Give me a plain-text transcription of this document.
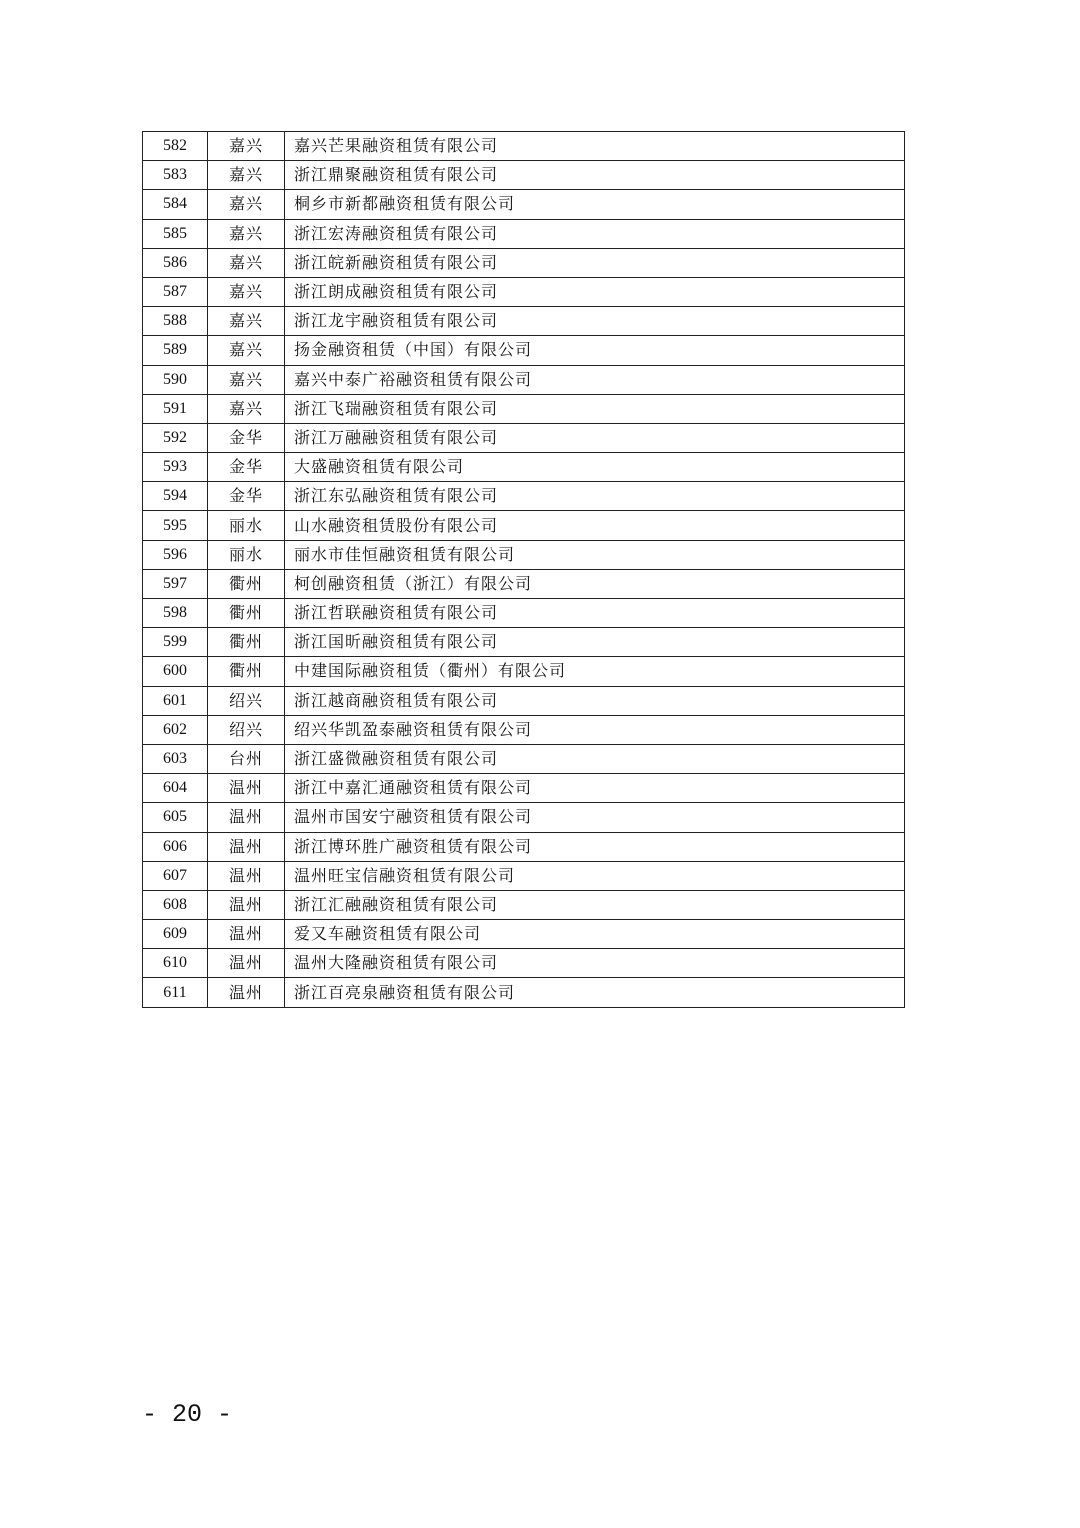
582	嘉兴	嘉兴芒果融资租赁有限公司
583	嘉兴	浙江鼎聚融资租赁有限公司
584	嘉兴	桐乡市新都融资租赁有限公司
585	嘉兴	浙江宏涛融资租赁有限公司
586	嘉兴	浙江皖新融资租赁有限公司
587	嘉兴	浙江朗成融资租赁有限公司
588	嘉兴	浙江龙宇融资租赁有限公司
589	嘉兴	扬金融资租赁（中国）有限公司
590	嘉兴	嘉兴中泰广裕融资租赁有限公司
591	嘉兴	浙江飞瑞融资租赁有限公司
592	金华	浙江万融融资租赁有限公司
593	金华	大盛融资租赁有限公司
594	金华	浙江东弘融资租赁有限公司
595	丽水	山水融资租赁股份有限公司
596	丽水	丽水市佳恒融资租赁有限公司
597	衢州	柯创融资租赁（浙江）有限公司
598	衢州	浙江哲联融资租赁有限公司
599	衢州	浙江国昕融资租赁有限公司
600	衢州	中建国际融资租赁（衢州）有限公司
601	绍兴	浙江越商融资租赁有限公司
602	绍兴	绍兴华凯盈泰融资租赁有限公司
603	台州	浙江盛微融资租赁有限公司
604	温州	浙江中嘉汇通融资租赁有限公司
605	温州	温州市国安宁融资租赁有限公司
606	温州	浙江博环胜广融资租赁有限公司
607	温州	温州旺宝信融资租赁有限公司
608	温州	浙江汇融融资租赁有限公司
609	温州	爱又车融资租赁有限公司
610	温州	温州大隆融资租赁有限公司
611	温州	浙江百亮泉融资租赁有限公司
- 20 -
